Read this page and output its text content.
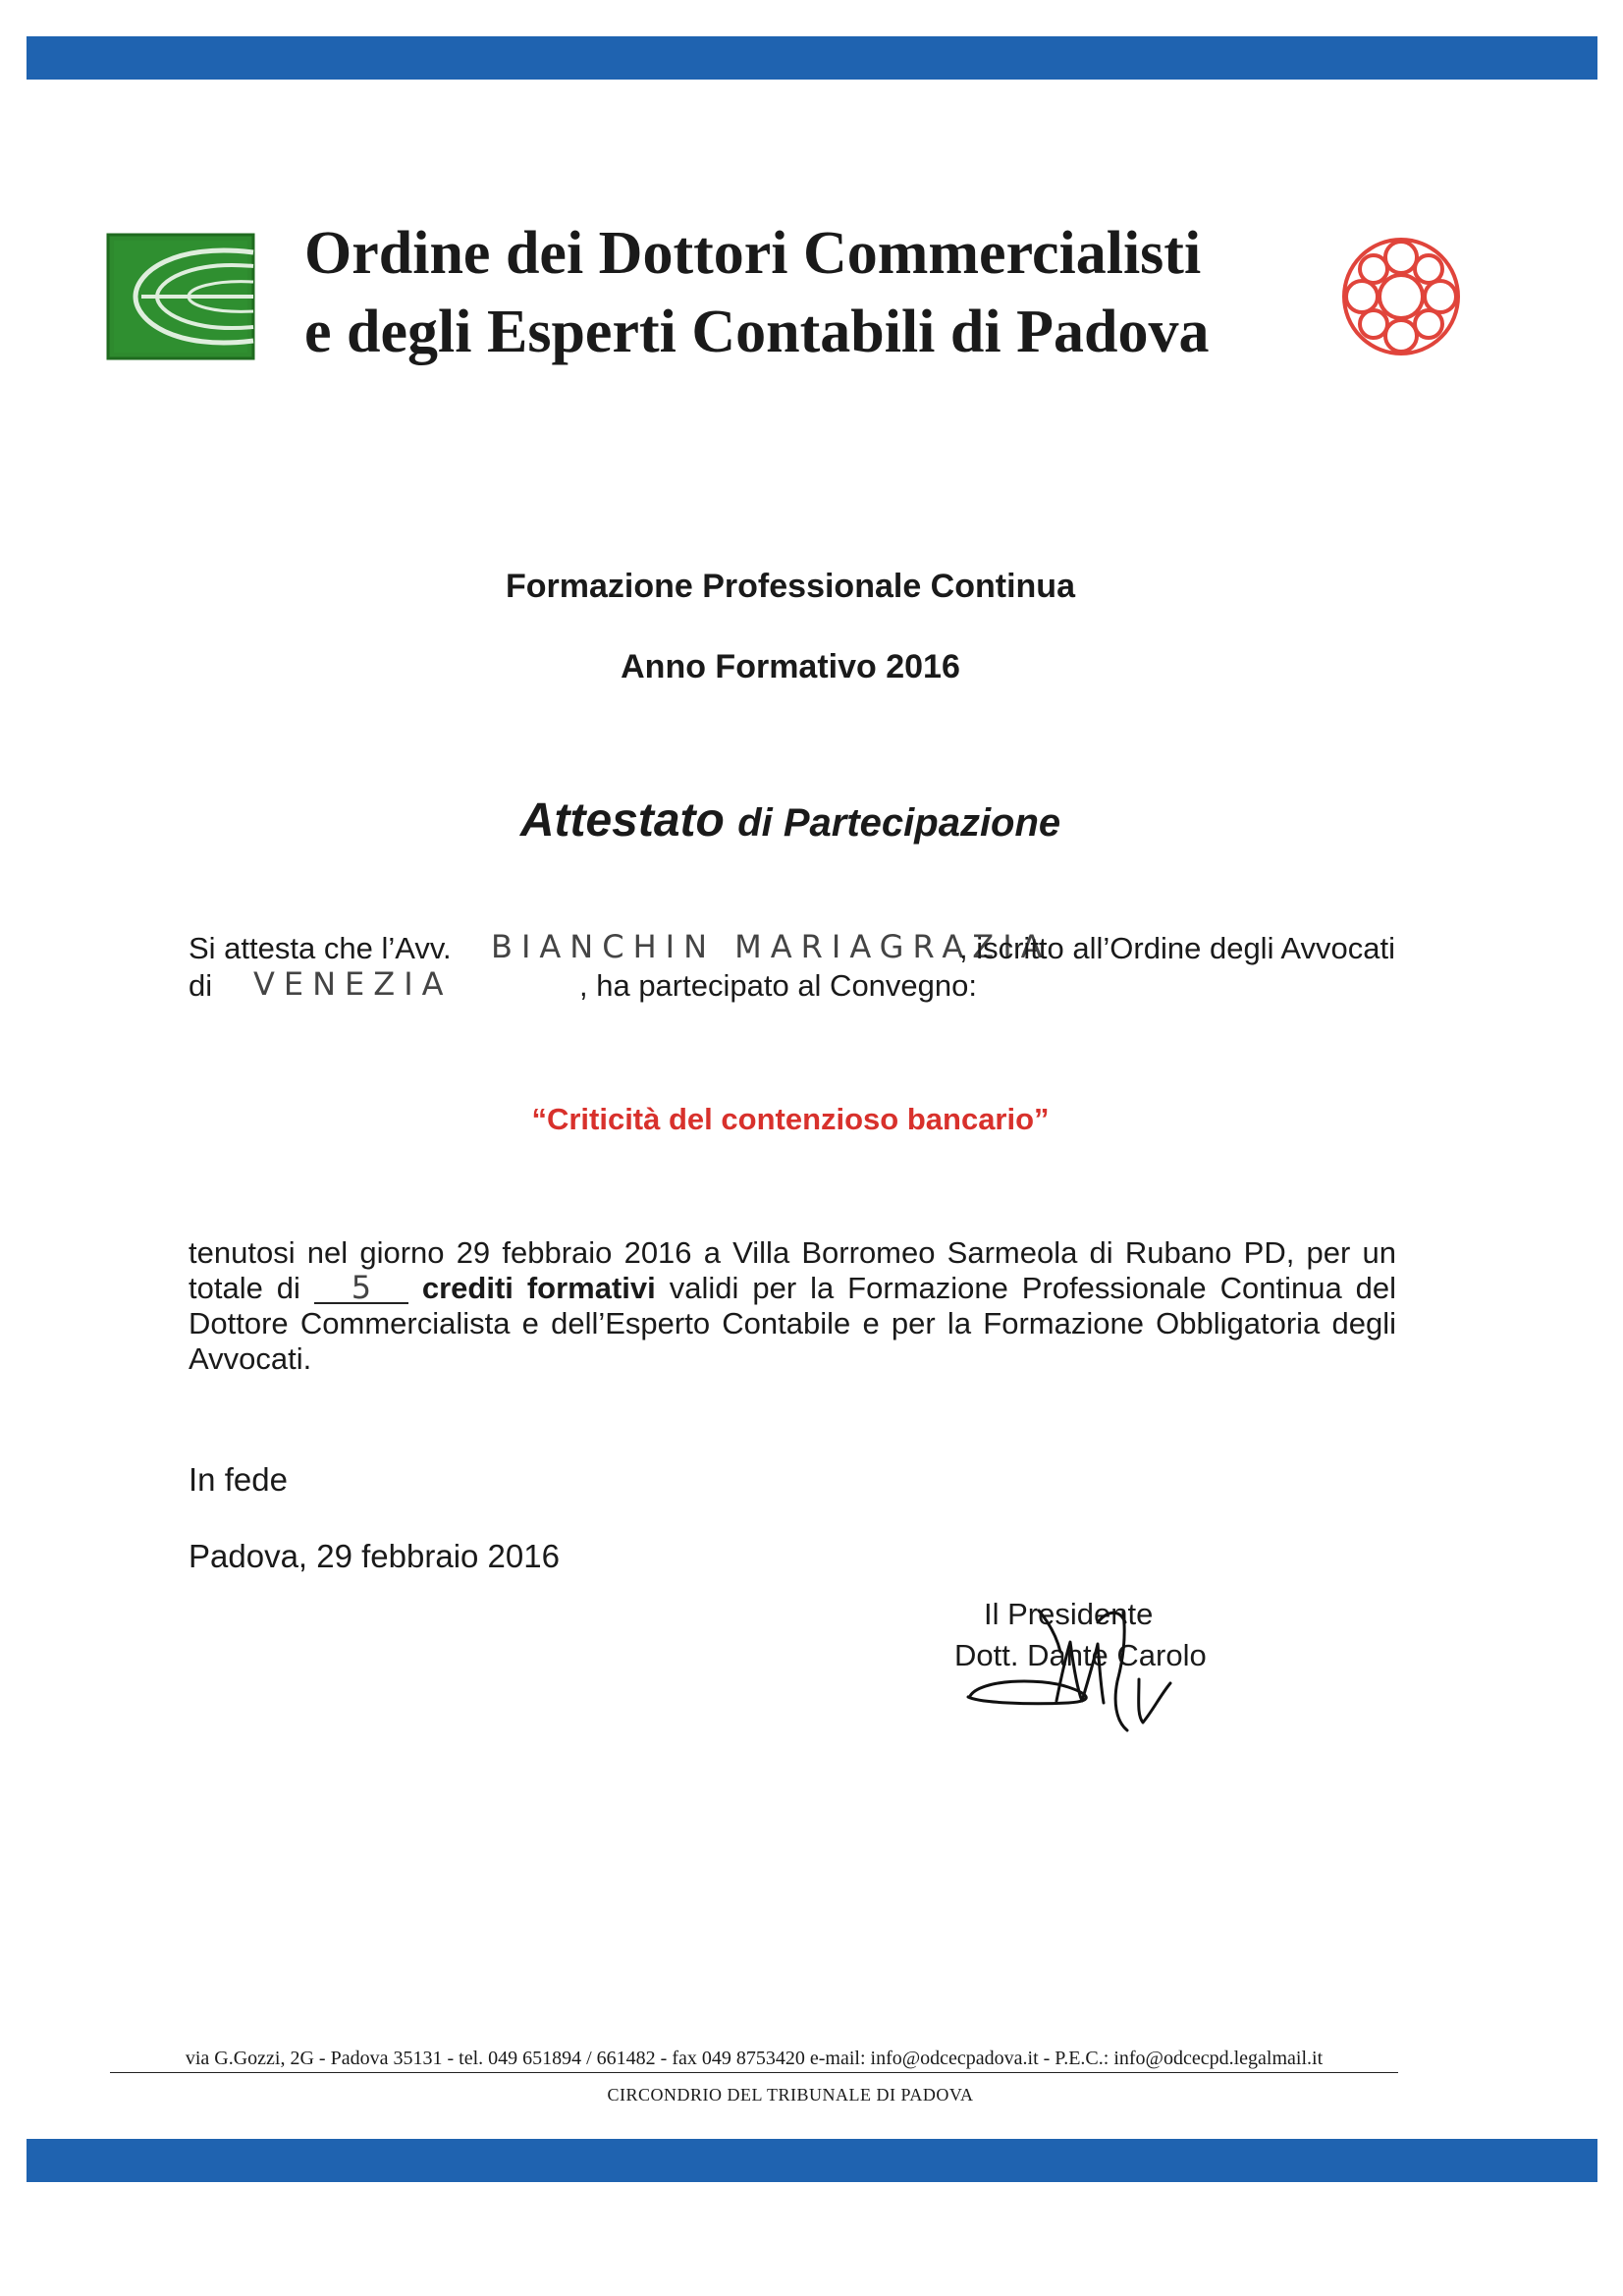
Ordine dei Dottori Commercialisti
e degli Esperti Contabili di Padova
Formazione Professionale Continua
Anno Formativo 2016
Attestato di Partecipazione
Si attesta che l’Avv. BIANCHIN MARIAGRAZIA
, iscritto all’Ordine degli Avvocati
di VENEZIA	, ha partecipato al Convegno:
“Criticità del contenzioso bancario”
tenutosi nel giorno 29 febbraio 2016 a Villa Borromeo Sarmeola di Rubano PD, per un totale di 5 crediti formativi validi per la Formazione Professionale Continua del Dottore Commercialista e dell’Esperto Contabile e per la Formazione Obbligatoria degli Avvocati.
In fede
Padova, 29 febbraio 2016
Il Presidente
Dott. Dante Carolo
via G.Gozzi, 2G - Padova 35131 - tel. 049 651894 / 661482 - fax 049 8753420 e-mail: info@odcecpadova.it - P.E.C.: info@odcecpd.legalmail.it
CIRCONDRIO DEL TRIBUNALE DI PADOVA
